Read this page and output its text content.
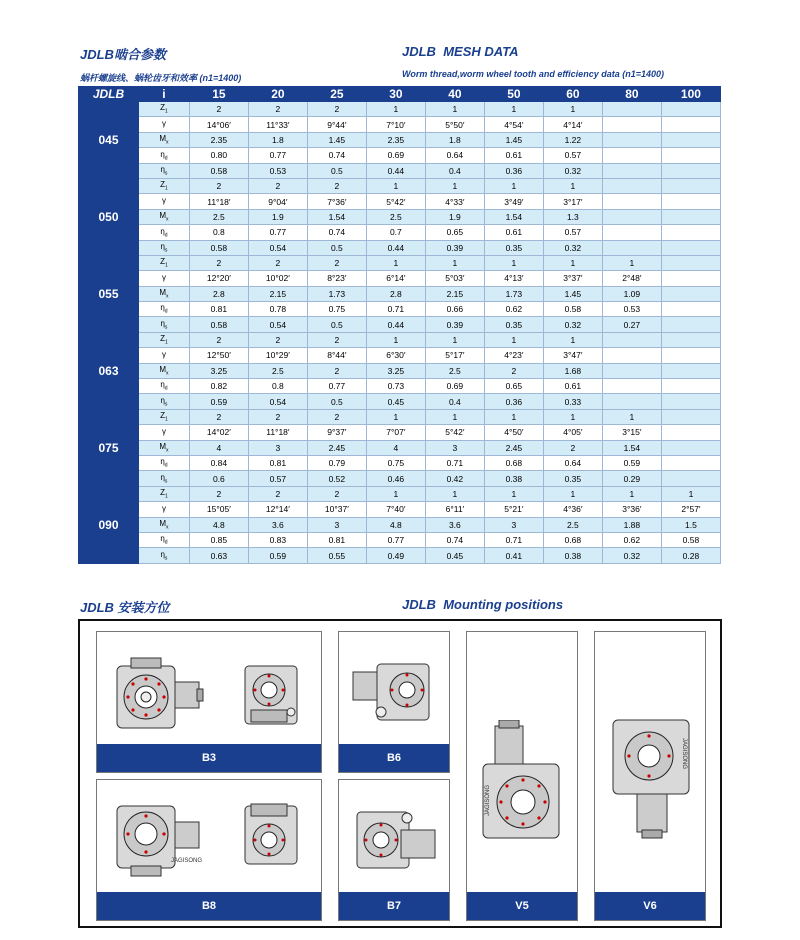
JDLB啮合参数	JDLB MESH DATA
蜗杆螺旋线、蜗轮齿牙和效率 (n1=1400)	Worm thread,worm wheel tooth and efficiency data (n1=1400)
JDLB	i	15	20	25	30	40	50	60	80	100
045	$Z_1$	2	2	2	1	1	1	1		
	γ	14°06′	11°33′	9°44′	7°10′	5°50′	4°54′	4°14′		
	$M_x$	2.35	1.8	1.45	2.35	1.8	1.45	1.22		
	$\eta_d$	0.80	0.77	0.74	0.69	0.64	0.61	0.57		
	$\eta_s$	0.58	0.53	0.5	0.44	0.4	0.36	0.32		
050	$Z_1$	2	2	2	1	1	1	1		
	γ	11°18′	9°04′	7°36′	5°42′	4°33′	3°49′	3°17′		
	$M_x$	2.5	1.9	1.54	2.5	1.9	1.54	1.3		
	$\eta_d$	0.8	0.77	0.74	0.7	0.65	0.61	0.57		
	$\eta_s$	0.58	0.54	0.5	0.44	0.39	0.35	0.32		
055	$Z_1$	2	2	2	1	1	1	1	1	
	γ	12°20′	10°02′	8°23′	6°14′	5°03′	4°13′	3°37′	2°48′	
	$M_x$	2.8	2.15	1.73	2.8	2.15	1.73	1.45	1.09	
	$\eta_d$	0.81	0.78	0.75	0.71	0.66	0.62	0.58	0.53	
	$\eta_s$	0.58	0.54	0.5	0.44	0.39	0.35	0.32	0.27	
063	$Z_1$	2	2	2	1	1	1	1		
	γ	12°50′	10°29′	8°44′	6°30′	5°17′	4°23′	3°47′		
	$M_x$	3.25	2.5	2	3.25	2.5	2	1.68		
	$\eta_d$	0.82	0.8	0.77	0.73	0.69	0.65	0.61		
	$\eta_s$	0.59	0.54	0.5	0.45	0.4	0.36	0.33		
075	$Z_1$	2	2	2	1	1	1	1	1	
	γ	14°02′	11°18′	9°37′	7°07′	5°42′	4°50′	4°05′	3°15′	
	$M_x$	4	3	2.45	4	3	2.45	2	1.54	
	$\eta_d$	0.84	0.81	0.79	0.75	0.71	0.68	0.64	0.59	
	$\eta_s$	0.6	0.57	0.52	0.46	0.42	0.38	0.35	0.29	
090	$Z_1$	2	2	2	1	1	1	1	1	1
	γ	15°05′	12°14′	10°37′	7°40′	6°11′	5°21′	4°36′	3°36′	2°57′
	$M_x$	4.8	3.6	3	4.8	3.6	3	2.5	1.88	1.5
	$\eta_d$	0.85	0.83	0.81	0.77	0.74	0.71	0.68	0.62	0.58
	$\eta_s$	0.63	0.59	0.55	0.49	0.45	0.41	0.38	0.32	0.28
JDLB 安装方位	JDLB Mounting positions
B3	B6
JAGISONG
V5
JAGISONG
V6
JAGISONG
B8	B7
